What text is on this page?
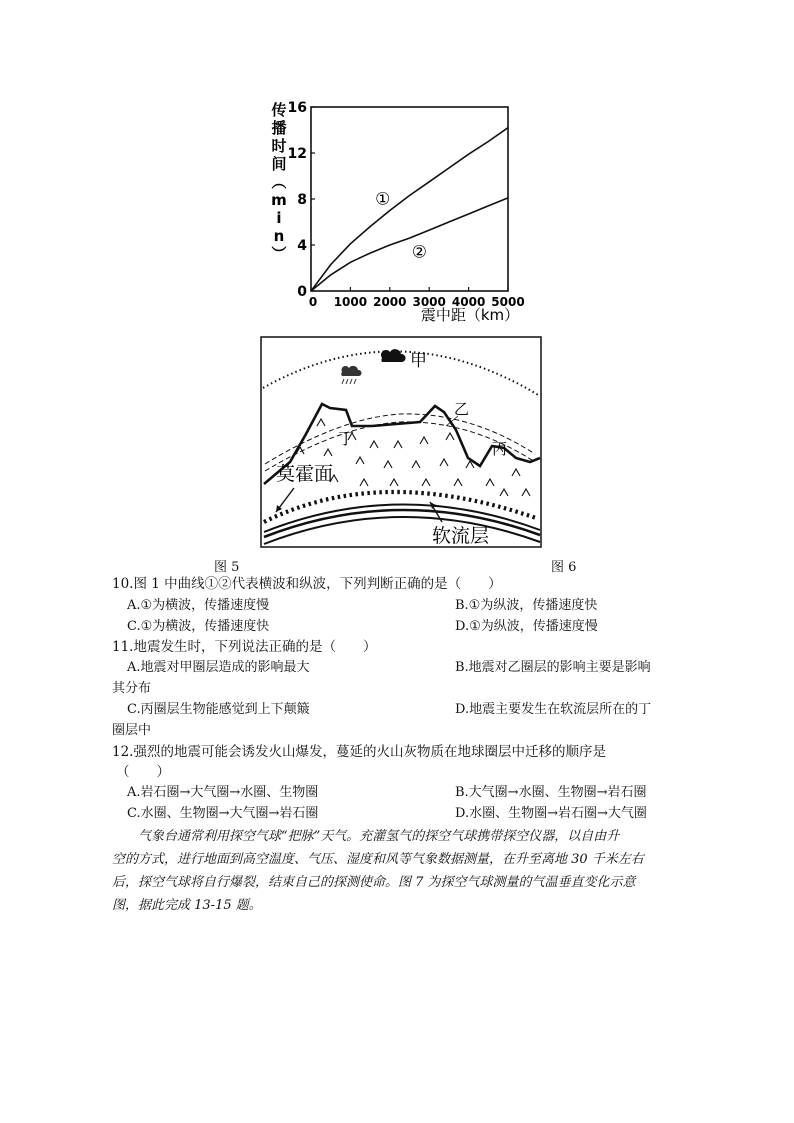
0
4
8
12
16
0 1000 2000 3000 4000 5000
①
②
传播时间︵ m i n ︶
震中距（km）
甲
乙
丙
丁
莫霍面
软流层
图 5	图 6
10.图 1 中曲线①②代表横波和纵波，下列判断正确的是（　　）
A.①为横波，传播速度慢	B.①为纵波，传播速度快
C.①为横波，传播速度快	D.①为纵波，传播速度慢
11.地震发生时，下列说法正确的是（　　）
A.地震对甲圈层造成的影响最大	B.地震对乙圈层的影响主要是影响
其分布
C.丙圈层生物能感觉到上下颠簸	D.地震主要发生在软流层所在的丁
圈层中
12.强烈的地震可能会诱发火山爆发，蔓延的火山灰物质在地球圈层中迁移的顺序是
（　　）
A.岩石圈→大气圈→水圈、生物圈	B.大气圈→水圈、生物圈→岩石圈
C.水圈、生物圈→大气圈→岩石圈	D.水圈、生物圈→岩石圈→大气圈
气象台通常利用探空气球“把脉”天气。充灌氢气的探空气球携带探空仪器，以自由升
空的方式，进行地面到高空温度、气压、湿度和风等气象数据测量，在升至离地 30 千米左右
后，探空气球将自行爆裂，结束自己的探测使命。图 7 为探空气球测量的气温垂直变化示意
图，据此完成 13-15 题。
